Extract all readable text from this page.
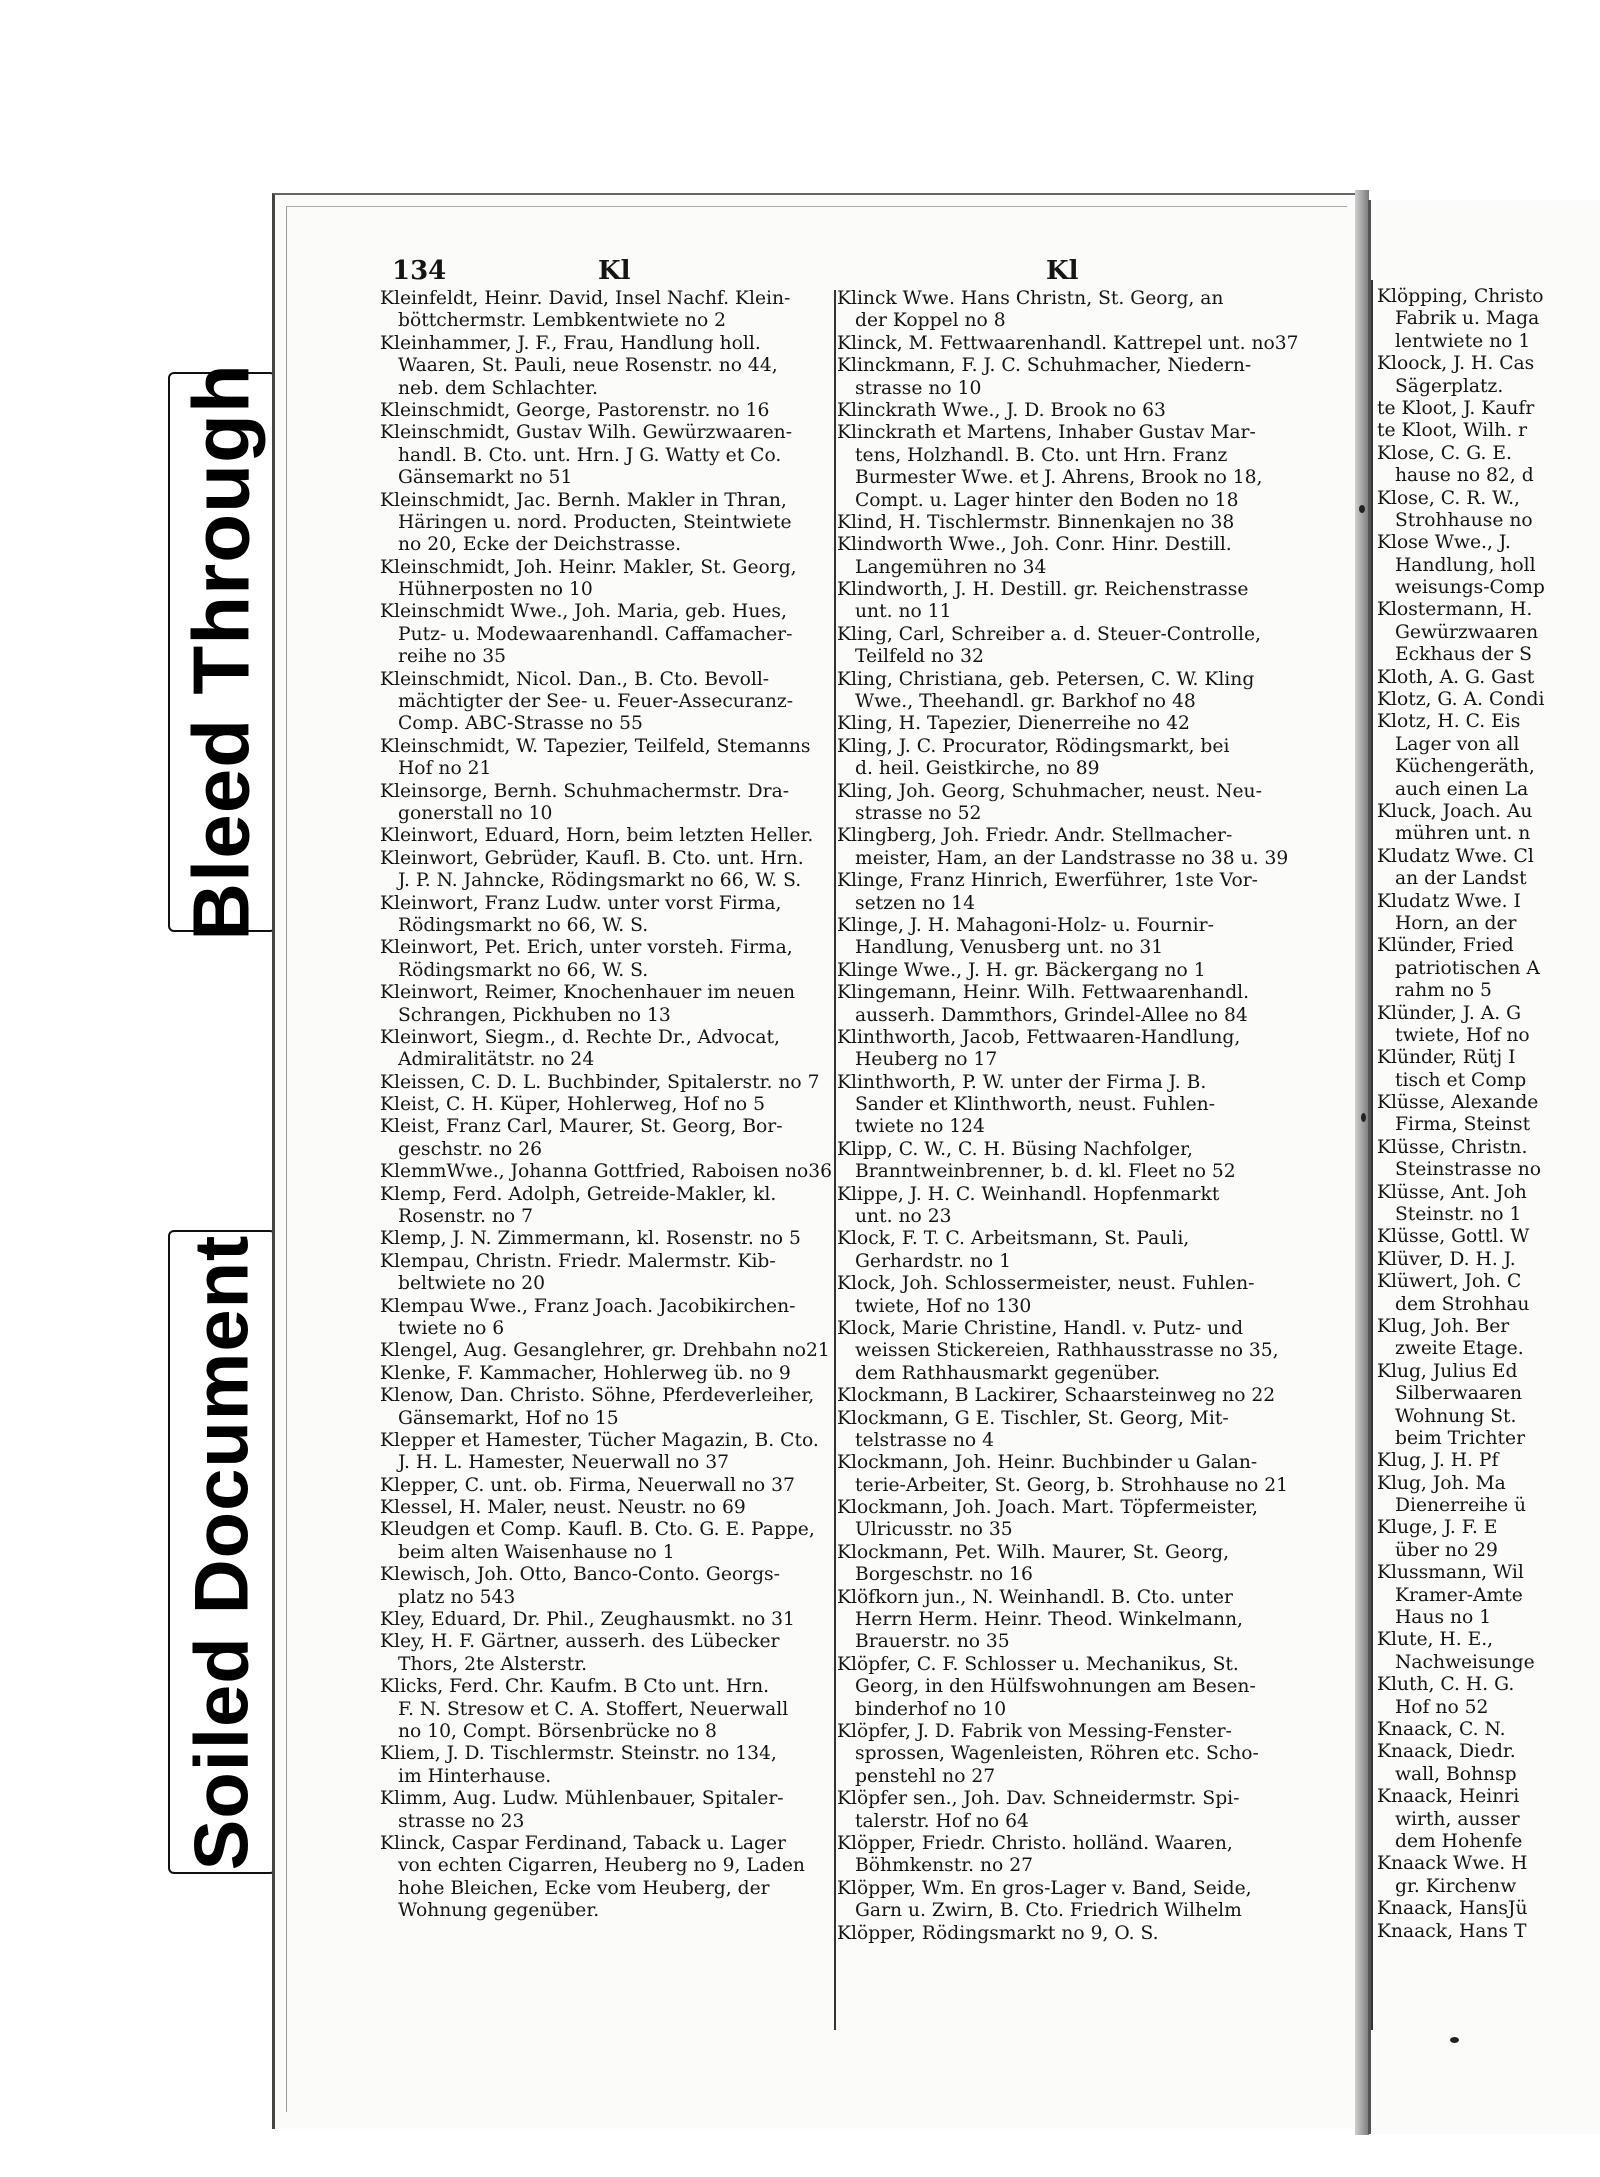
Bleed Through
Soiled Document
134	Kl	Kl
Kleinfeldt, Heinr. David, Insel Nachf. Klein-
böttchermstr. Lembkentwiete no 2
Kleinhammer, J. F., Frau, Handlung holl.
Waaren, St. Pauli, neue Rosenstr. no 44,
neb. dem Schlachter.
Kleinschmidt, George, Pastorenstr. no 16
Kleinschmidt, Gustav Wilh. Gewürzwaaren-
handl. B. Cto. unt. Hrn. J G. Watty et Co.
Gänsemarkt no 51
Kleinschmidt, Jac. Bernh. Makler in Thran,
Häringen u. nord. Producten, Steintwiete
no 20, Ecke der Deichstrasse.
Kleinschmidt, Joh. Heinr. Makler, St. Georg,
Hühnerposten no 10
Kleinschmidt Wwe., Joh. Maria, geb. Hues,
Putz- u. Modewaarenhandl. Caffamacher-
reihe no 35
Kleinschmidt, Nicol. Dan., B. Cto. Bevoll-
mächtigter der See- u. Feuer-Assecuranz-
Comp. ABC-Strasse no 55
Kleinschmidt, W. Tapezier, Teilfeld, Stemanns
Hof no 21
Kleinsorge, Bernh. Schuhmachermstr. Dra-
gonerstall no 10
Kleinwort, Eduard, Horn, beim letzten Heller.
Kleinwort, Gebrüder, Kaufl. B. Cto. unt. Hrn.
J. P. N. Jahncke, Rödingsmarkt no 66, W. S.
Kleinwort, Franz Ludw. unter vorst Firma,
Rödingsmarkt no 66, W. S.
Kleinwort, Pet. Erich, unter vorsteh. Firma,
Rödingsmarkt no 66, W. S.
Kleinwort, Reimer, Knochenhauer im neuen
Schrangen, Pickhuben no 13
Kleinwort, Siegm., d. Rechte Dr., Advocat,
Admiralitätstr. no 24
Kleissen, C. D. L. Buchbinder, Spitalerstr. no 7
Kleist, C. H. Küper, Hohlerweg, Hof no 5
Kleist, Franz Carl, Maurer, St. Georg, Bor-
geschstr. no 26
KlemmWwe., Johanna Gottfried, Raboisen no36
Klemp, Ferd. Adolph, Getreide-Makler, kl.
Rosenstr. no 7
Klemp, J. N. Zimmermann, kl. Rosenstr. no 5
Klempau, Christn. Friedr. Malermstr. Kib-
beltwiete no 20
Klempau Wwe., Franz Joach. Jacobikirchen-
twiete no 6
Klengel, Aug. Gesanglehrer, gr. Drehbahn no21
Klenke, F. Kammacher, Hohlerweg üb. no 9
Klenow, Dan. Christo. Söhne, Pferdeverleiher,
Gänsemarkt, Hof no 15
Klepper et Hamester, Tücher Magazin, B. Cto.
J. H. L. Hamester, Neuerwall no 37
Klepper, C. unt. ob. Firma, Neuerwall no 37
Klessel, H. Maler, neust. Neustr. no 69
Kleudgen et Comp. Kaufl. B. Cto. G. E. Pappe,
beim alten Waisenhause no 1
Klewisch, Joh. Otto, Banco-Conto. Georgs-
platz no 543
Kley, Eduard, Dr. Phil., Zeughausmkt. no 31
Kley, H. F. Gärtner, ausserh. des Lübecker
Thors, 2te Alsterstr.
Klicks, Ferd. Chr. Kaufm. B Cto unt. Hrn.
F. N. Stresow et C. A. Stoffert, Neuerwall
no 10, Compt. Börsenbrücke no 8
Kliem, J. D. Tischlermstr. Steinstr. no 134,
im Hinterhause.
Klimm, Aug. Ludw. Mühlenbauer, Spitaler-
strasse no 23
Klinck, Caspar Ferdinand, Taback u. Lager
von echten Cigarren, Heuberg no 9, Laden
hohe Bleichen, Ecke vom Heuberg, der
Wohnung gegenüber.
Klinck Wwe. Hans Christn, St. Georg, an
der Koppel no 8
Klinck, M. Fettwaarenhandl. Kattrepel unt. no37
Klinckmann, F. J. C. Schuhmacher, Niedern-
strasse no 10
Klinckrath Wwe., J. D. Brook no 63
Klinckrath et Martens, Inhaber Gustav Mar-
tens, Holzhandl. B. Cto. unt Hrn. Franz
Burmester Wwe. et J. Ahrens, Brook no 18,
Compt. u. Lager hinter den Boden no 18
Klind, H. Tischlermstr. Binnenkajen no 38
Klindworth Wwe., Joh. Conr. Hinr. Destill.
Langemühren no 34
Klindworth, J. H. Destill. gr. Reichenstrasse
unt. no 11
Kling, Carl, Schreiber a. d. Steuer-Controlle,
Teilfeld no 32
Kling, Christiana, geb. Petersen, C. W. Kling
Wwe., Theehandl. gr. Barkhof no 48
Kling, H. Tapezier, Dienerreihe no 42
Kling, J. C. Procurator, Rödingsmarkt, bei
d. heil. Geistkirche, no 89
Kling, Joh. Georg, Schuhmacher, neust. Neu-
strasse no 52
Klingberg, Joh. Friedr. Andr. Stellmacher-
meister, Ham, an der Landstrasse no 38 u. 39
Klinge, Franz Hinrich, Ewerführer, 1ste Vor-
setzen no 14
Klinge, J. H. Mahagoni-Holz- u. Fournir-
Handlung, Venusberg unt. no 31
Klinge Wwe., J. H. gr. Bäckergang no 1
Klingemann, Heinr. Wilh. Fettwaarenhandl.
ausserh. Dammthors, Grindel-Allee no 84
Klinthworth, Jacob, Fettwaaren-Handlung,
Heuberg no 17
Klinthworth, P. W. unter der Firma J. B.
Sander et Klinthworth, neust. Fuhlen-
twiete no 124
Klipp, C. W., C. H. Büsing Nachfolger,
Branntweinbrenner, b. d. kl. Fleet no 52
Klippe, J. H. C. Weinhandl. Hopfenmarkt
unt. no 23
Klock, F. T. C. Arbeitsmann, St. Pauli,
Gerhardstr. no 1
Klock, Joh. Schlossermeister, neust. Fuhlen-
twiete, Hof no 130
Klock, Marie Christine, Handl. v. Putz- und
weissen Stickereien, Rathhausstrasse no 35,
dem Rathhausmarkt gegenüber.
Klockmann, B Lackirer, Schaarsteinweg no 22
Klockmann, G E. Tischler, St. Georg, Mit-
telstrasse no 4
Klockmann, Joh. Heinr. Buchbinder u Galan-
terie-Arbeiter, St. Georg, b. Strohhause no 21
Klockmann, Joh. Joach. Mart. Töpfermeister,
Ulricusstr. no 35
Klockmann, Pet. Wilh. Maurer, St. Georg,
Borgeschstr. no 16
Klöfkorn jun., N. Weinhandl. B. Cto. unter
Herrn Herm. Heinr. Theod. Winkelmann,
Brauerstr. no 35
Klöpfer, C. F. Schlosser u. Mechanikus, St.
Georg, in den Hülfswohnungen am Besen-
binderhof no 10
Klöpfer, J. D. Fabrik von Messing-Fenster-
sprossen, Wagenleisten, Röhren etc. Scho-
penstehl no 27
Klöpfer sen., Joh. Dav. Schneidermstr. Spi-
talerstr. Hof no 64
Klöpper, Friedr. Christo. holländ. Waaren,
Böhmkenstr. no 27
Klöpper, Wm. En gros-Lager v. Band, Seide,
Garn u. Zwirn, B. Cto. Friedrich Wilhelm
Klöpper, Rödingsmarkt no 9, O. S.
Klöpping, Christo
Fabrik u. Maga
lentwiete no 1
Kloock, J. H. Cas
Sägerplatz.
te Kloot, J. Kaufr
te Kloot, Wilh. r
Klose, C. G. E.
hause no 82, d
Klose, C. R. W.,
Strohhause no
Klose Wwe., J.
Handlung, holl
weisungs-Comp
Klostermann, H.
Gewürzwaaren
Eckhaus der S
Kloth, A. G. Gast
Klotz, G. A. Condi
Klotz, H. C. Eis
Lager von all
Küchengeräth,
auch einen La
Kluck, Joach. Au
mühren unt. n
Kludatz Wwe. Cl
an der Landst
Kludatz Wwe. I
Horn, an der
Klünder, Fried
patriotischen A
rahm no 5
Klünder, J. A. G
twiete, Hof no
Klünder, Rütj I
tisch et Comp
Klüsse, Alexande
Firma, Steinst
Klüsse, Christn.
Steinstrasse no
Klüsse, Ant. Joh
Steinstr. no 1
Klüsse, Gottl. W
Klüver, D. H. J.
Klüwert, Joh. C
dem Strohhau
Klug, Joh. Ber
zweite Etage.
Klug, Julius Ed
Silberwaaren
Wohnung St.
beim Trichter
Klug, J. H. Pf
Klug, Joh. Ma
Dienerreihe ü
Kluge, J. F. E
über no 29
Klussmann, Wil
Kramer-Amte
Haus no 1
Klute, H. E.,
Nachweisunge
Kluth, C. H. G.
Hof no 52
Knaack, C. N.
Knaack, Diedr.
wall, Bohnsp
Knaack, Heinri
wirth, ausser
dem Hohenfe
Knaack Wwe. H
gr. Kirchenw
Knaack, HansJü
Knaack, Hans T
